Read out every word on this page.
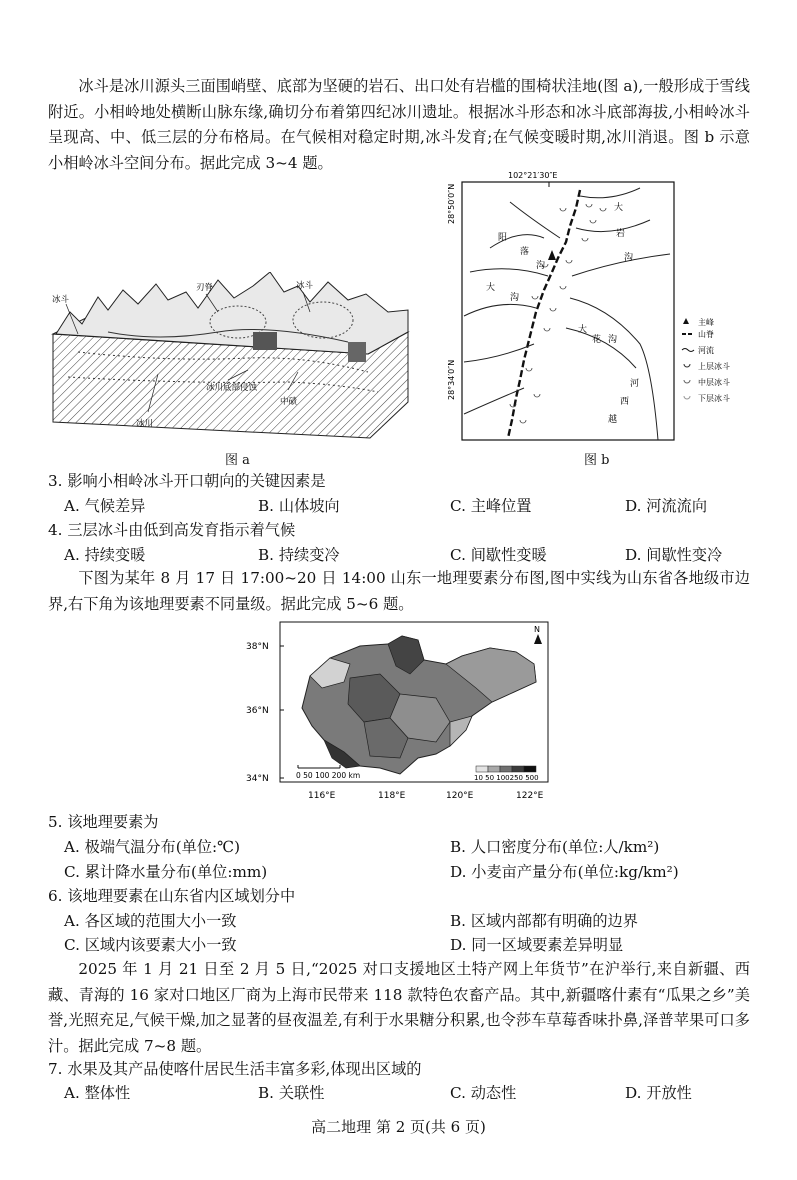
冰斗是冰川源头三面围峭壁、底部为坚硬的岩石、出口处有岩槛的围椅状洼地(图 a),一般形成于雪线附近。小相岭地处横断山脉东缘,确切分布着第四纪冰川遗址。根据冰斗形态和冰斗底部海拔,小相岭冰斗呈现高、中、低三层的分布格局。在气候相对稳定时期,冰斗发育;在气候变暖时期,冰川消退。图 b 示意小相岭冰斗空间分布。据此完成 3~4 题。
冰斗
刃脊	冰斗
冰川底部侵蚀
中碛
冰川
图 a
102°21′30″E
28°50′0″N
28°34′0″N
大
岩
沟
阳
落
沟
大
沟
大
花 沟
河
西
越
主峰
山脊
河流
上层冰斗
中层冰斗
下层冰斗
图 b
3. 影响小相岭冰斗开口朝向的关键因素是
A. 气候差异	B. 山体坡向	C. 主峰位置	D. 河流流向
4. 三层冰斗由低到高发育指示着气候
A. 持续变暖	B. 持续变冷	C. 间歇性变暖	D. 间歇性变冷
下图为某年 8 月 17 日 17:00~20 日 14:00 山东一地理要素分布图,图中实线为山东省各地级市边界,右下角为该地理要素不同量级。据此完成 5~6 题。
38°N
36°N
34°N
116°E	118°E	120°E	122°E
N
0 50 100 200 km	10 50 100250 500
5. 该地理要素为
A. 极端气温分布(单位:℃)	B. 人口密度分布(单位:人/km²)
C. 累计降水量分布(单位:mm)	D. 小麦亩产量分布(单位:kg/km²)
6. 该地理要素在山东省内区域划分中
A. 各区域的范围大小一致	B. 区域内部都有明确的边界
C. 区域内该要素大小一致	D. 同一区域要素差异明显
2025 年 1 月 21 日至 2 月 5 日,“2025 对口支援地区土特产网上年货节”在沪举行,来自新疆、西藏、青海的 16 家对口地区厂商为上海市民带来 118 款特色农畜产品。其中,新疆喀什素有“瓜果之乡”美誉,光照充足,气候干燥,加之显著的昼夜温差,有利于水果糖分积累,也令莎车草莓香味扑鼻,泽普苹果可口多汁。据此完成 7~8 题。
7. 水果及其产品使喀什居民生活丰富多彩,体现出区域的
A. 整体性	B. 关联性	C. 动态性	D. 开放性
高二地理 第 2 页(共 6 页)
